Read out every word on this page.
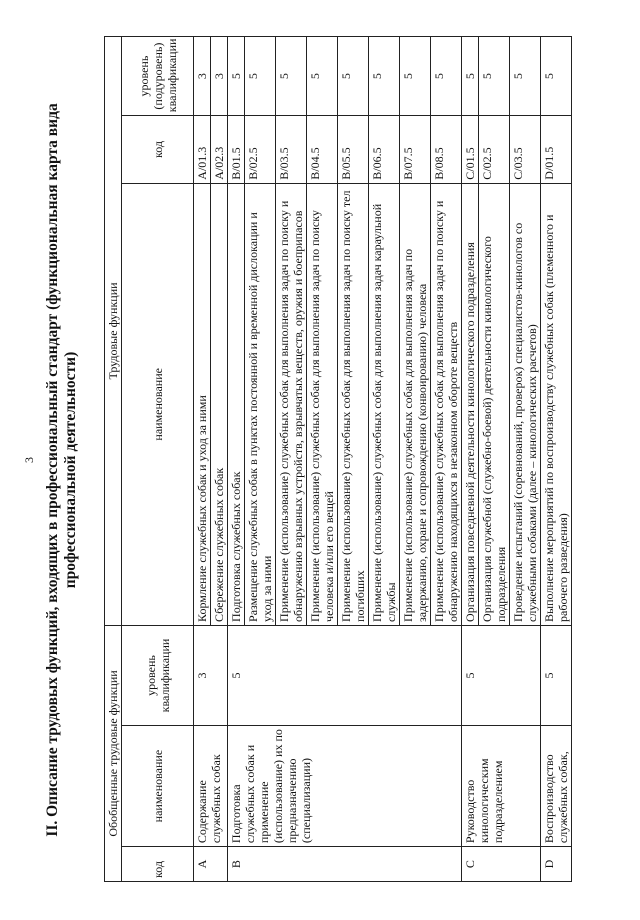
3 II. Описание трудовых функций, входящих в профессиональный стандарт (функциональная карта вида профессиональной деятельности)
Обобщенные трудовые функции			Трудовые функции		
код	наименование	уровень квалификации	наименование	код	уровень (подуровень) квалификации
A	Содержание служебных собак	3	Кормление служебных собак и уход за ними	A/01.3	3
			Сбережение служебных собак	A/02.3	3
B	Подготовка служебных собак и применение (использование) их по предназначению (специализации)	5	Подготовка служебных собак	B/01.5	5
			Размещение служебных собак в пунктах постоянной и временной дислокации и уход за ними	B/02.5	5
			Применение (использование) служебных собак для выполнения задач по поиску и обнаружению взрывных устройств, взрывчатых веществ, оружия и боеприпасов	B/03.5	5
			Применение (использование) служебных собак для выполнения задач по поиску человека и/или его вещей	B/04.5	5
			Применение (использование) служебных собак для выполнения задач по поиску тел погибших	B/05.5	5
			Применение (использование) служебных собак для выполнения задач караульной службы	B/06.5	5
			Применение (использование) служебных собак для выполнения задач по задержанию, охране и сопровождению (конвоированию) человека	B/07.5	5
			Применение (использование) служебных собак для выполнения задач по поиску и обнаружению находящихся в незаконном обороте веществ	B/08.5	5
C	Руководство кинологическим подразделением	5	Организация повседневной деятельности кинологического подразделения	C/01.5	5
			Организация служебной (служебно-боевой) деятельности кинологического подразделения	C/02.5	5
			Проведение испытаний (соревнований, проверок) специалистов-кинологов со служебными собаками (далее – кинологических расчетов)	C/03.5	5
D	Воспроизводство служебных собак,	5	Выполнение мероприятий по воспроизводству служебных собак (племенного и рабочего разведения)	D/01.5	5
